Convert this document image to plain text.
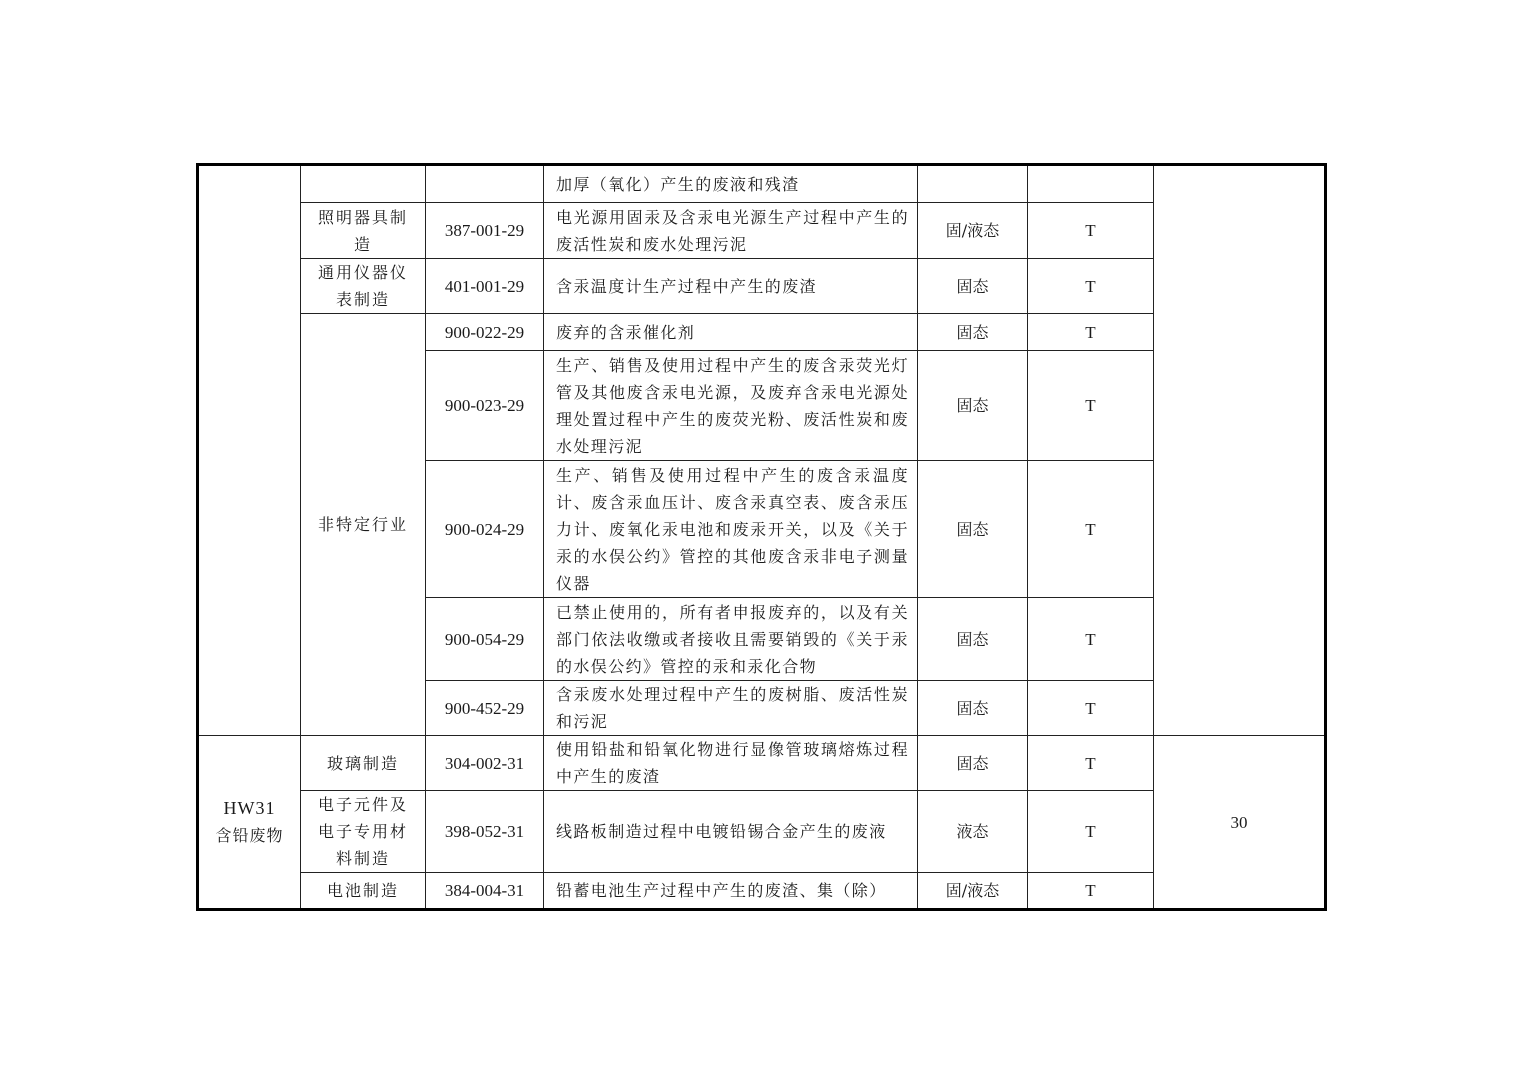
			加厚（氧化）产生的废液和残渣			
	照明器具制造	387-001-29	电光源用固汞及含汞电光源生产过程中产生的废活性炭和废水处理污泥	固/液态	T	
	通用仪器仪表制造	401-001-29	含汞温度计生产过程中产生的废渣	固态	T	
	非特定行业	900-022-29	废弃的含汞催化剂	固态	T	
		900-023-29	生产、销售及使用过程中产生的废含汞荧光灯管及其他废含汞电光源，及废弃含汞电光源处理处置过程中产生的废荧光粉、废活性炭和废水处理污泥	固态	T	
		900-024-29	生产、销售及使用过程中产生的废含汞温度计、废含汞血压计、废含汞真空表、废含汞压力计、废氧化汞电池和废汞开关，以及《关于汞的水俣公约》管控的其他废含汞非电子测量仪器	固态	T	
		900-054-29	已禁止使用的，所有者申报废弃的，以及有关部门依法收缴或者接收且需要销毁的《关于汞的水俣公约》管控的汞和汞化合物	固态	T	
		900-452-29	含汞废水处理过程中产生的废树脂、废活性炭和污泥	固态	T	

HW31
含铅废物	玻璃制造	304-002-31	使用铅盐和铅氧化物进行显像管玻璃熔炼过程中产生的废渣	固态	T	30
	电子元件及电子专用材料制造	398-052-31	线路板制造过程中电镀铅锡合金产生的废液	液态	T	
	电池制造	384-004-31	铅蓄电池生产过程中产生的废渣、集（除）	固/液态	T	
